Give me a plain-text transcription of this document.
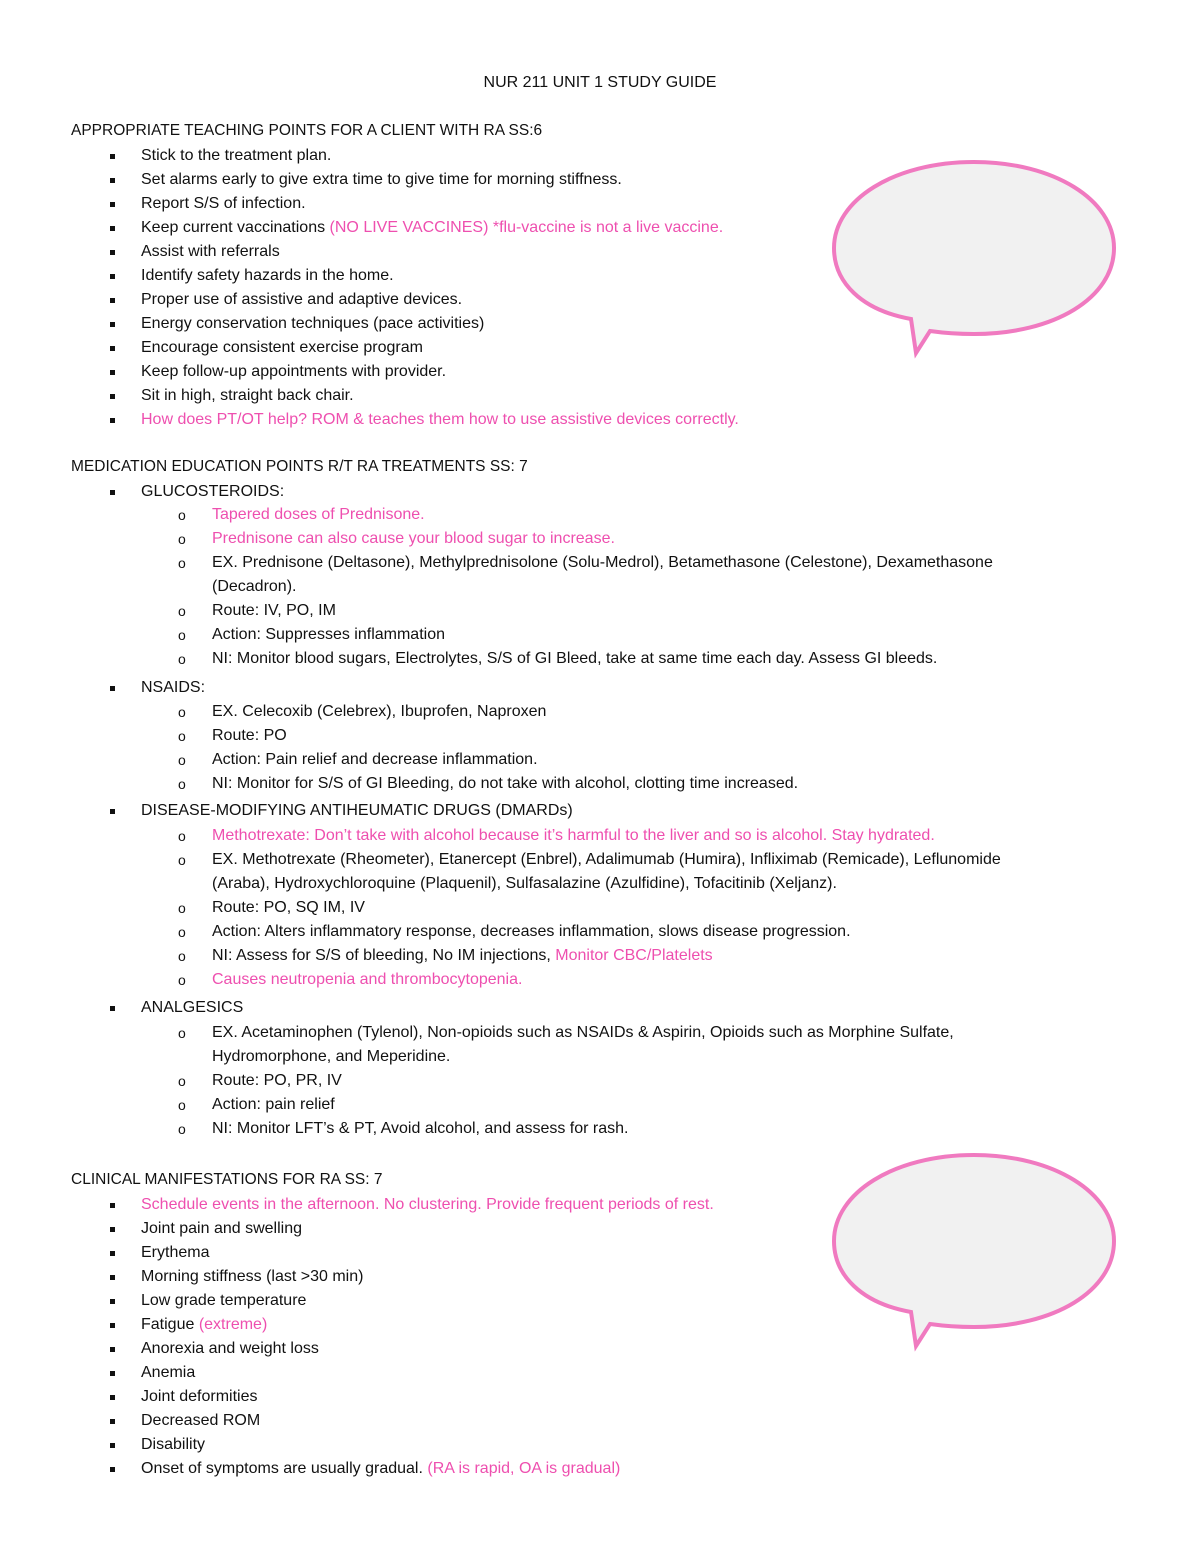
NUR 211 UNIT 1 STUDY GUIDE
APPROPRIATE TEACHING POINTS FOR A CLIENT WITH RA SS:6
Stick to the treatment plan.
Set alarms early to give extra time to give time for morning stiffness.
Report S/S of infection.
Keep current vaccinations (NO LIVE VACCINES) *flu-vaccine is not a live vaccine.
Assist with referrals
Identify safety hazards in the home.
Proper use of assistive and adaptive devices.
Energy conservation techniques (pace activities)
Encourage consistent exercise program
Keep follow-up appointments with provider.
Sit in high, straight back chair.
How does PT/OT help? ROM & teaches them how to use assistive devices correctly.
MEDICATION EDUCATION POINTS R/T RA TREATMENTS SS: 7
GLUCOSTEROIDS:
o Tapered doses of Prednisone.
o Prednisone can also cause your blood sugar to increase.
o EX. Prednisone (Deltasone), Methylprednisolone (Solu-Medrol), Betamethasone (Celestone), Dexamethasone
(Decadron).
o Route: IV, PO, IM
o Action: Suppresses inflammation
o NI: Monitor blood sugars, Electrolytes, S/S of GI Bleed, take at same time each day. Assess GI bleeds.
NSAIDS:
o EX. Celecoxib (Celebrex), Ibuprofen, Naproxen
o Route: PO
o Action: Pain relief and decrease inflammation.
o NI: Monitor for S/S of GI Bleeding, do not take with alcohol, clotting time increased.
DISEASE-MODIFYING ANTIHEUMATIC DRUGS (DMARDs)
o Methotrexate: Don’t take with alcohol because it’s harmful to the liver and so is alcohol. Stay hydrated.
o EX. Methotrexate (Rheometer), Etanercept (Enbrel), Adalimumab (Humira), Infliximab (Remicade), Leflunomide
(Araba), Hydroxychloroquine (Plaquenil), Sulfasalazine (Azulfidine), Tofacitinib (Xeljanz).
o Route: PO, SQ IM, IV
o Action: Alters inflammatory response, decreases inflammation, slows disease progression.
o NI: Assess for S/S of bleeding, No IM injections, Monitor CBC/Platelets
o Causes neutropenia and thrombocytopenia.
ANALGESICS
o EX. Acetaminophen (Tylenol), Non-opioids such as NSAIDs & Aspirin, Opioids such as Morphine Sulfate,
Hydromorphone, and Meperidine.
o Route: PO, PR, IV
o Action: pain relief
o NI: Monitor LFT’s & PT, Avoid alcohol, and assess for rash.
CLINICAL MANIFESTATIONS FOR RA SS: 7
Schedule events in the afternoon. No clustering. Provide frequent periods of rest.
Joint pain and swelling
Erythema
Morning stiffness (last >30 min)
Low grade temperature
Fatigue (extreme)
Anorexia and weight loss
Anemia
Joint deformities
Decreased ROM
Disability
Onset of symptoms are usually gradual. (RA is rapid, OA is gradual)
